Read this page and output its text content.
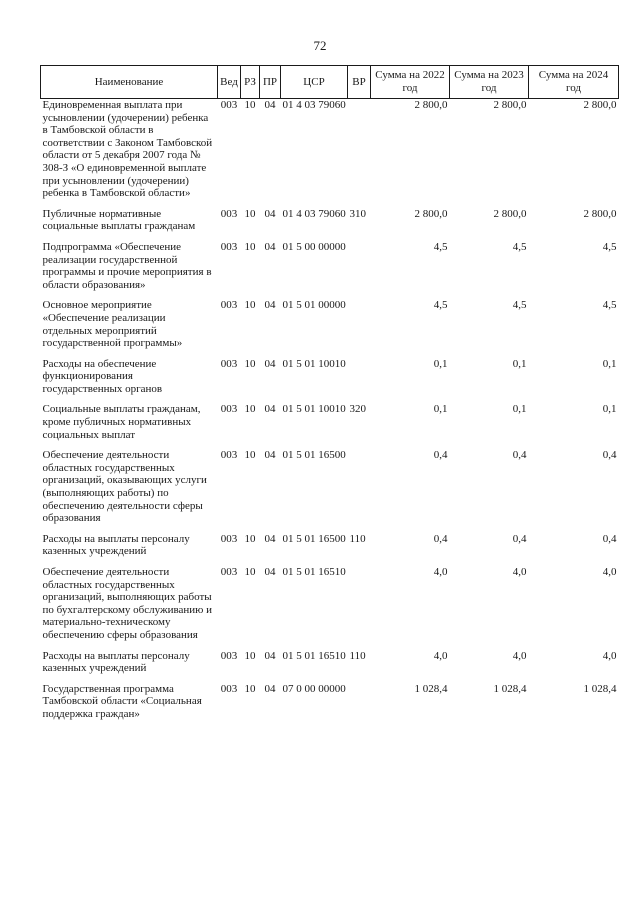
72
Наименование	Вед	РЗ	ПР	ЦСР	ВР	Сумма на 2022 год	Сумма на 2023 год	Сумма на 2024 год
Единовременная выплата при усыновлении (удочерении) ребенка в Тамбовской области в соответствии с Законом Тамбовской области от 5 декабря 2007 года № 308-З «О единовременной выплате при усыновлении (удочерении) ребенка в Тамбовской области»	003	10	04	01 4 03 79060		2 800,0	2 800,0	2 800,0
Публичные нормативные социальные выплаты гражданам	003	10	04	01 4 03 79060	310	2 800,0	2 800,0	2 800,0
Подпрограмма «Обеспечение реализации государственной программы и прочие мероприятия в области образования»	003	10	04	01 5 00 00000		4,5	4,5	4,5
Основное мероприятие «Обеспечение реализации отдельных мероприятий государственной программы»	003	10	04	01 5 01 00000		4,5	4,5	4,5
Расходы на обеспечение функционирования государственных органов	003	10	04	01 5 01 10010		0,1	0,1	0,1
Социальные выплаты гражданам, кроме публичных нормативных социальных выплат	003	10	04	01 5 01 10010	320	0,1	0,1	0,1
Обеспечение деятельности областных государственных организаций, оказывающих услуги (выполняющих работы) по обеспечению деятельности сферы образования	003	10	04	01 5 01 16500		0,4	0,4	0,4
Расходы на выплаты персоналу казенных учреждений	003	10	04	01 5 01 16500	110	0,4	0,4	0,4
Обеспечение деятельности областных государственных организаций, выполняющих работы по бухгалтерскому обслуживанию и материально-техническому обеспечению сферы образования	003	10	04	01 5 01 16510		4,0	4,0	4,0
Расходы на выплаты персоналу казенных учреждений	003	10	04	01 5 01 16510	110	4,0	4,0	4,0
Государственная программа Тамбовской области «Социальная поддержка граждан»	003	10	04	07 0 00 00000		1 028,4	1 028,4	1 028,4
